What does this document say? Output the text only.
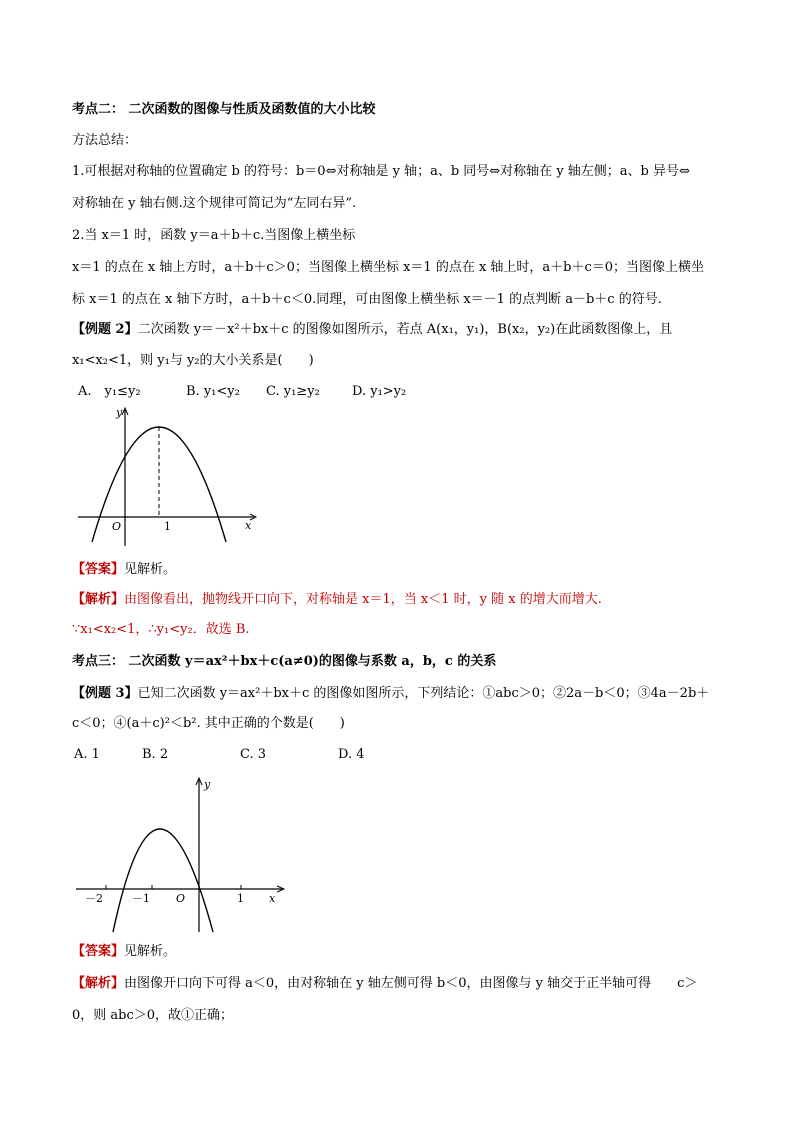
考点二： 二次函数的图像与性质及函数值的大小比较
方法总结：
1.可根据对称轴的位置确定 b 的符号：b＝0⇔对称轴是 y 轴；a、b 同号⇔对称轴在 y 轴左侧；a、b 异号⇔
对称轴在 y 轴右侧.这个规律可简记为“左同右异”.
2.当 x＝1 时，函数 y＝a＋b＋c.当图像上横坐标
x＝1 的点在 x 轴上方时，a＋b＋c＞0；当图像上横坐标 x＝1 的点在 x 轴上时，a＋b＋c＝0；当图像上横坐
标 x＝1 的点在 x 轴下方时，a＋b＋c＜0.同理，可由图像上横坐标 x＝－1 的点判断 a－b＋c 的符号.
【例题 2】二次函数 y＝－x²＋bx＋c 的图像如图所示，若点 A(x₁，y₁)，B(x₂，y₂)在此函数图像上，且
x₁<x₂<1，则 y₁与 y₂的大小关系是(　　)
A.　y₁≤y₂	B. y₁<y₂ C. y₁≥y₂ D. y₁>y₂
y
x
O	1
【答案】见解析。
【解析】由图像看出，抛物线开口向下，对称轴是 x＝1，当 x＜1 时，y 随 x 的增大而增大.
∵x₁<x₂<1，∴y₁<y₂．故选 B.
考点三： 二次函数 y＝ax²＋bx＋c(a≠0)的图像与系数 a，b，c 的关系
【例题 3】已知二次函数 y＝ax²＋bx＋c 的图像如图所示，下列结论：①abc＞0；②2a－b＜0；③4a－2b＋
c＜0；④(a＋c)²＜b². 其中正确的个数是(　　)
A. 1	B. 2	C. 3	D. 4
y
x
O
－2	－1	1
【答案】见解析。
【解析】由图像开口向下可得 a＜0，由对称轴在 y 轴左侧可得 b＜0，由图像与 y 轴交于正半轴可得　　c＞
0，则 abc＞0，故①正确；
